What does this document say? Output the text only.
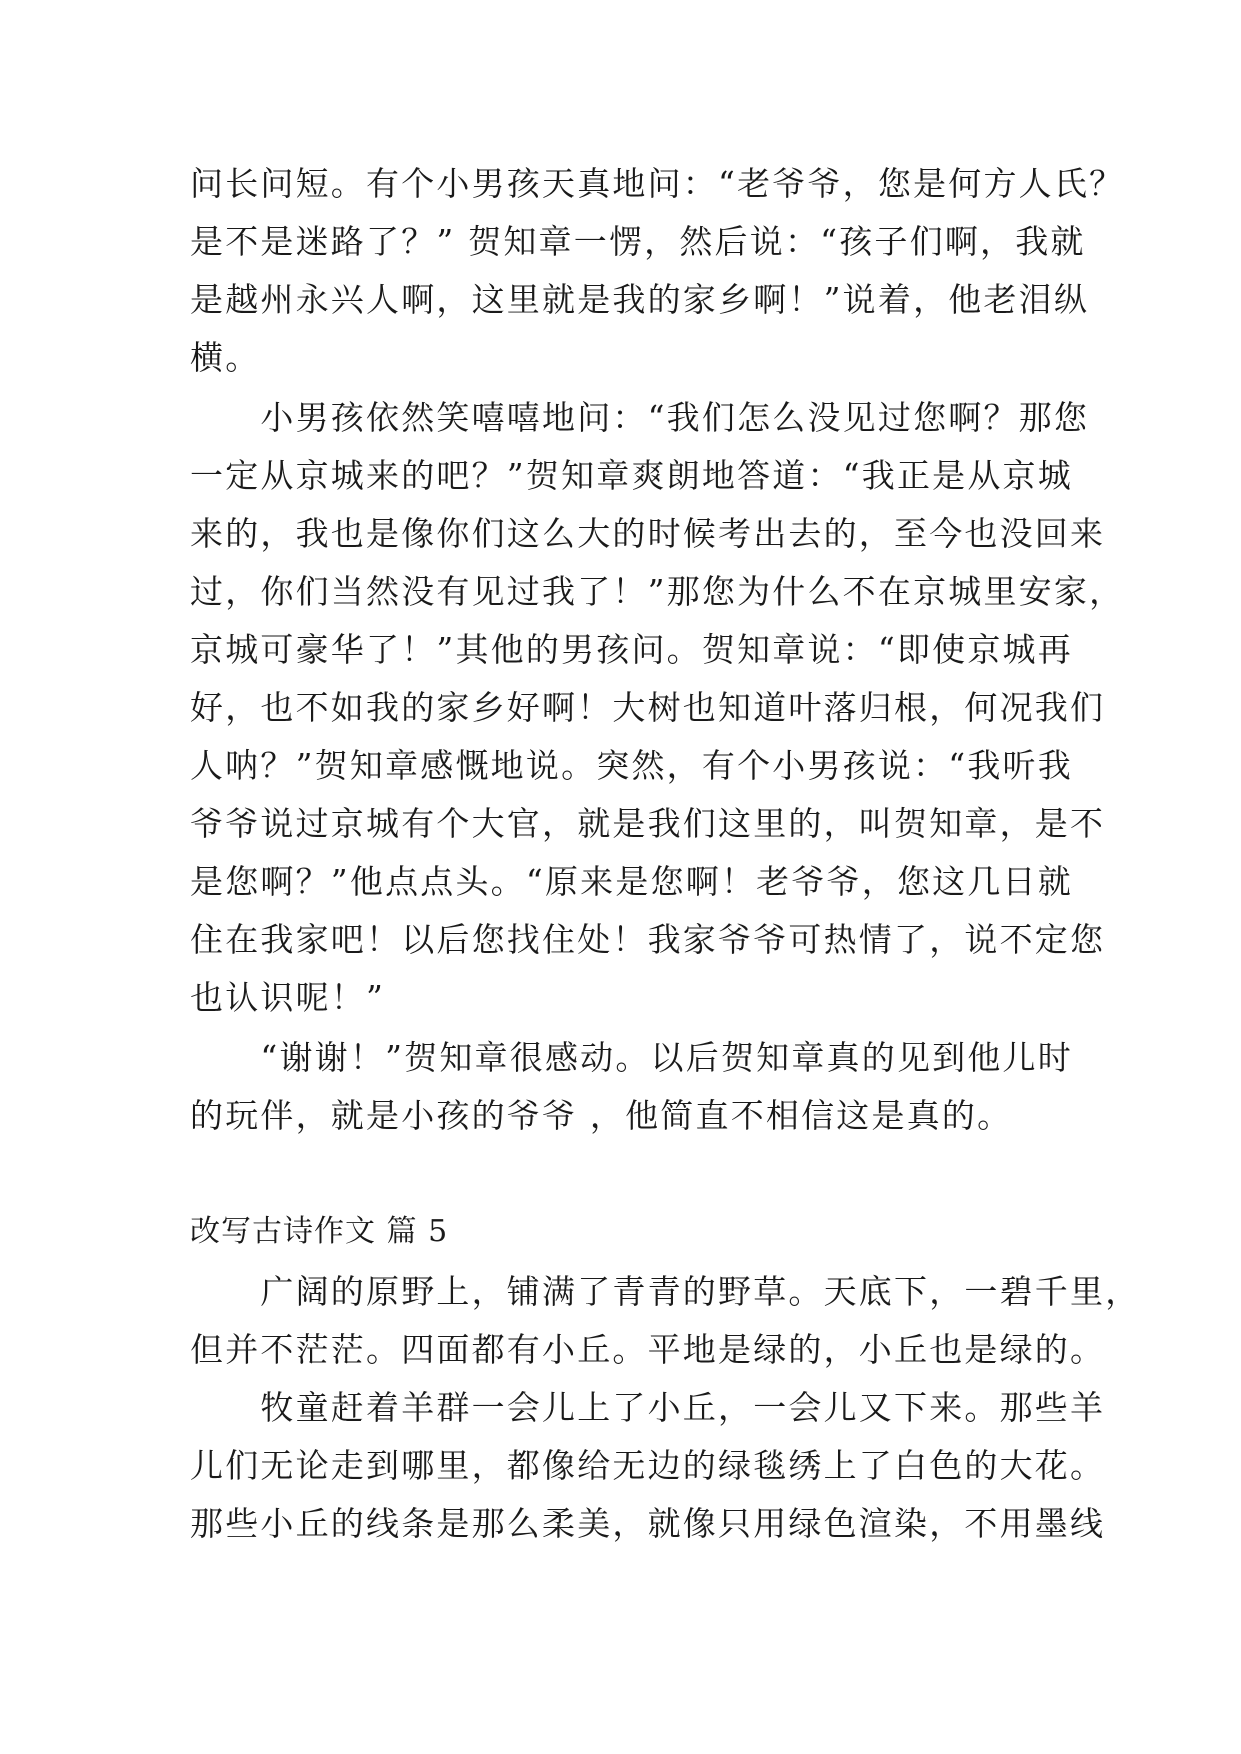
问长问短。有个小男孩天真地问：“老爷爷，您是何方人氏？
是不是迷路了？” 贺知章一愣，然后说：“孩子们啊，我就
是越州永兴人啊，这里就是我的家乡啊！”说着，他老泪纵
横。
　　小男孩依然笑嘻嘻地问：“我们怎么没见过您啊？那您
一定从京城来的吧？”贺知章爽朗地答道：“我正是从京城
来的，我也是像你们这么大的时候考出去的，至今也没回来
过，你们当然没有见过我了！”那您为什么不在京城里安家，
京城可豪华了！”其他的男孩问。贺知章说：“即使京城再
好，也不如我的家乡好啊！大树也知道叶落归根，何况我们
人呐？”贺知章感慨地说。突然，有个小男孩说：“我听我
爷爷说过京城有个大官，就是我们这里的，叫贺知章，是不
是您啊？”他点点头。“原来是您啊！老爷爷，您这几日就
住在我家吧！以后您找住处！我家爷爷可热情了，说不定您
也认识呢！”
　　“谢谢！”贺知章很感动。以后贺知章真的见到他儿时
的玩伴，就是小孩的爷爷 ，他简直不相信这是真的。
改写古诗作文 篇 5
　　广阔的原野上，铺满了青青的野草。天底下，一碧千里，
但并不茫茫。四面都有小丘。平地是绿的，小丘也是绿的。
　　牧童赶着羊群一会儿上了小丘，一会儿又下来。那些羊
儿们无论走到哪里，都像给无边的绿毯绣上了白色的大花。
那些小丘的线条是那么柔美，就像只用绿色渲染，不用墨线
